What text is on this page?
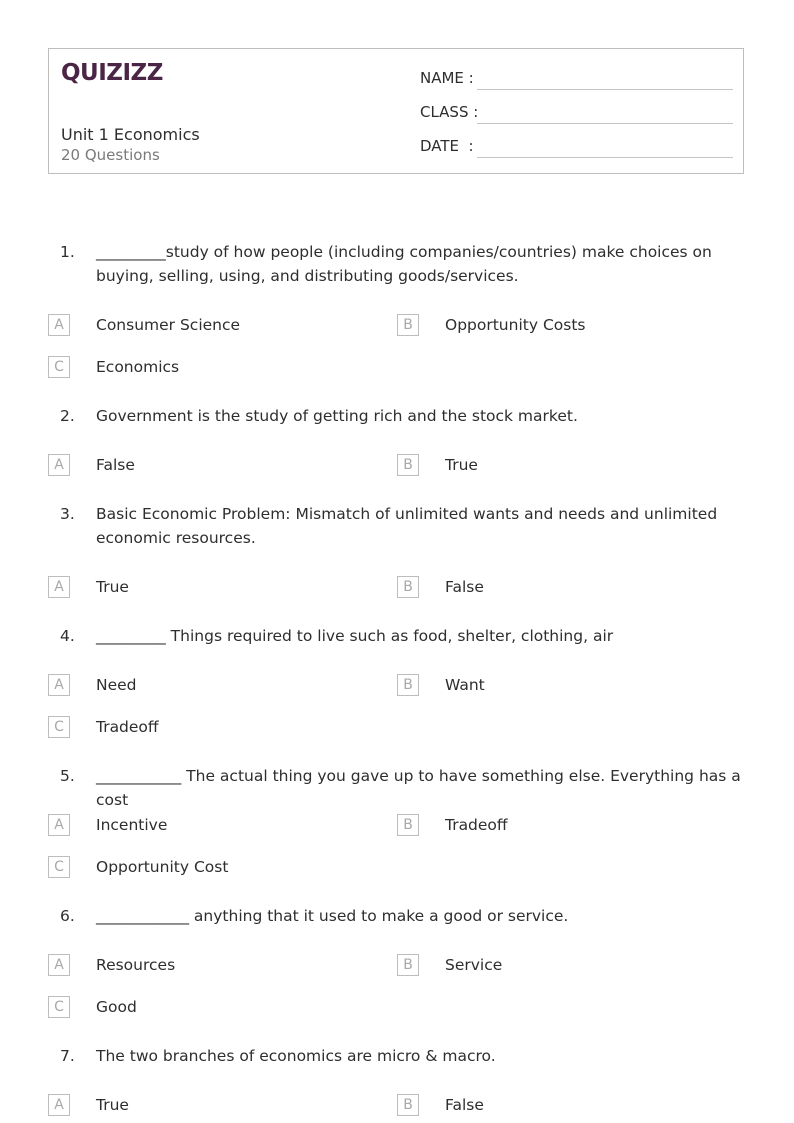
QUIZIZZ
Unit 1 Economics
20 Questions
NAME :
CLASS :
DATE  :
1. _________study of how people (including companies/countries) make choices on buying, selling, using, and distributing goods/services.
A	Consumer Science	B	Opportunity Costs
C	Economics
2. Government is the study of getting rich and the stock market.
A	False	B	True
3. Basic Economic Problem: Mismatch of unlimited wants and needs and unlimited economic resources.
A	True	B	False
4. _________ Things required to live such as food, shelter, clothing, air
A	Need	B	Want
C	Tradeoff
5. ___________ The actual thing you gave up to have something else. Everything has a cost
A	Incentive	B	Tradeoff
C	Opportunity Cost
6. ____________ anything that it used to make a good or service.
A	Resources	B	Service
C	Good
7. The two branches of economics are micro & macro.
A	True	B	False
